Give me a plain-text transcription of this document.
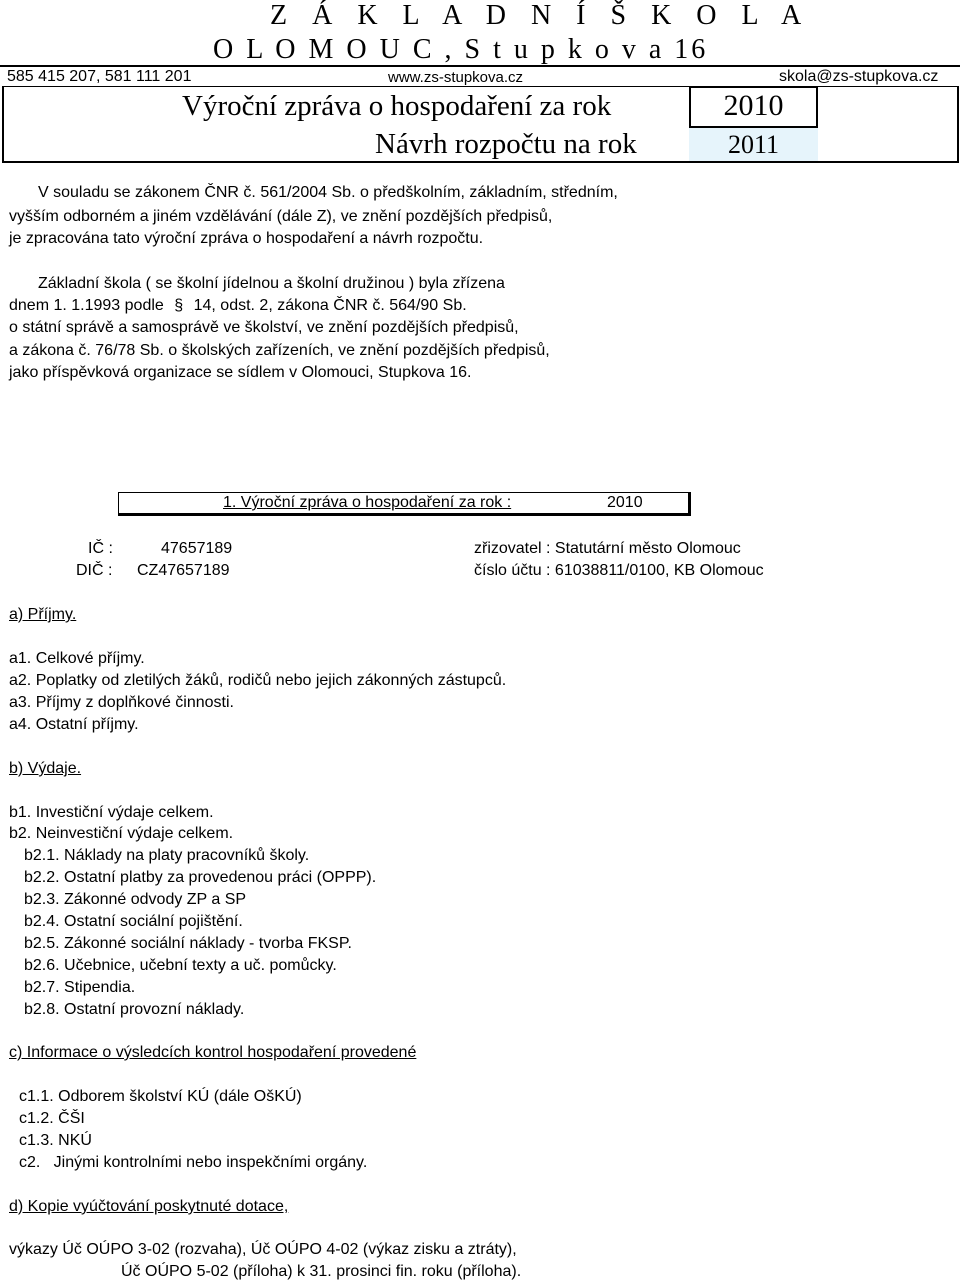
Z Á K L A D N Í Š K O L A
O L O M O U C , S t u p k o v a 16
585 415 207, 581 111 201	www.zs-stupkova.cz	skola@zs-stupkova.cz
Výroční zpráva o hospodaření za rok	2010
Návrh rozpočtu na rok	2011
V souladu se zákonem ČNR č. 561/2004 Sb. o předškolním, základním, středním,
vyšším odborném a jiném vzdělávání (dále Z), ve znění pozdějších předpisů,
je zpracována tato výroční zpráva o hospodaření a návrh rozpočtu.
Základní škola ( se školní jídelnou a školní družinou ) byla zřízena
dnem 1. 1.1993 podle § 14, odst. 2, zákona ČNR č. 564/90 Sb.
o státní správě a samosprávě ve školství, ve znění pozdějších předpisů,
a zákona č. 76/78 Sb. o školských zařízeních, ve znění pozdějších předpisů,
jako příspěvková organizace se sídlem v Olomouci, Stupkova 16.
1. Výroční zpráva o hospodaření za rok :	2010
IČ :	47657189
DIČ : CZ47657189
zřizovatel : Statutární město Olomouc
číslo účtu : 61038811/0100, KB Olomouc
a) Příjmy.
a1. Celkové příjmy.
a2. Poplatky od zletilých žáků, rodičů nebo jejich zákonných zástupců.
a3. Příjmy z doplňkové činnosti.
a4. Ostatní příjmy.
b) Výdaje.
b1. Investiční výdaje celkem.
b2. Neinvestiční výdaje celkem.
b2.1. Náklady na platy pracovníků školy.
b2.2. Ostatní platby za provedenou práci (OPPP).
b2.3. Zákonné odvody ZP a SP
b2.4. Ostatní sociální pojištění.
b2.5. Zákonné sociální náklady - tvorba FKSP.
b2.6. Učebnice, učební texty a uč. pomůcky.
b2.7. Stipendia.
b2.8. Ostatní provozní náklady.
c) Informace o výsledcích kontrol hospodaření provedené
c1.1. Odborem školství KÚ (dále OšKÚ)
c1.2. ČŠI
c1.3. NKÚ
c2.   Jinými kontrolními nebo inspekčními orgány.
d) Kopie vyúčtování poskytnuté dotace,
výkazy Úč OÚPO 3-02 (rozvaha), Úč OÚPO 4-02 (výkaz zisku a ztráty),
Úč OÚPO 5-02 (příloha) k 31. prosinci fin. roku (příloha).
